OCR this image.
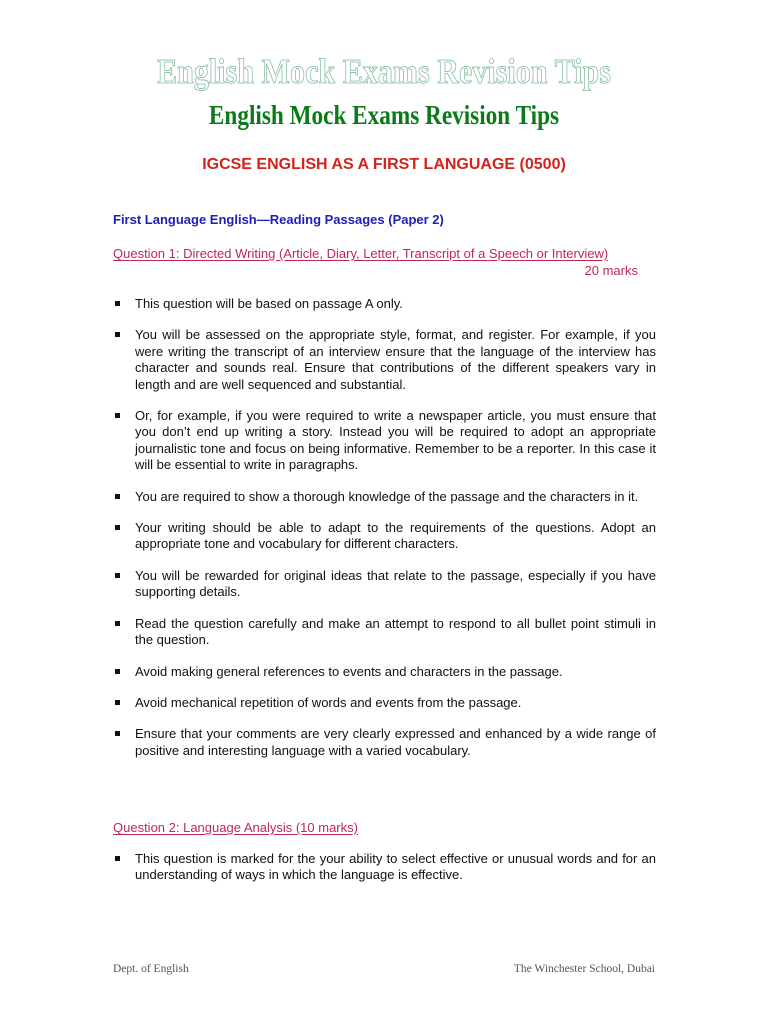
English Mock Exams Revision Tips
English Mock Exams Revision Tips
IGCSE ENGLISH AS A FIRST LANGUAGE (0500)
First Language English—Reading Passages (Paper 2)
Question 1: Directed Writing (Article, Diary, Letter, Transcript of a Speech or Interview)
20 marks
This question will be based on passage A only.
You will be assessed on the appropriate style, format, and register. For example, if you were writing the transcript of an interview ensure that the language of the interview has character and sounds real. Ensure that contributions of the different speakers vary in length and are well sequenced and substantial.
Or, for example, if you were required to write a newspaper article, you must ensure that you don’t end up writing a story. Instead you will be required to adopt an appropriate journalistic tone and focus on being informative. Remember to be a reporter. In this case it will be essential to write in paragraphs.
You are required to show a thorough knowledge of the passage and the characters in it.
Your writing should be able to adapt to the requirements of the questions. Adopt an appropriate tone and vocabulary for different characters.
You will be rewarded for original ideas that relate to the passage, especially if you have supporting details.
Read the question carefully and make an attempt to respond to all bullet point stimuli in the question.
Avoid making general references to events and characters in the passage.
Avoid mechanical repetition of words and events from the passage.
Ensure that your comments are very clearly expressed and enhanced by a wide range of positive and interesting language with a varied vocabulary.
Question 2: Language Analysis (10 marks)
This question is marked for the your ability to select effective or unusual words and for an understanding of ways in which the language is effective.
Dept. of English	The Winchester School, Dubai
